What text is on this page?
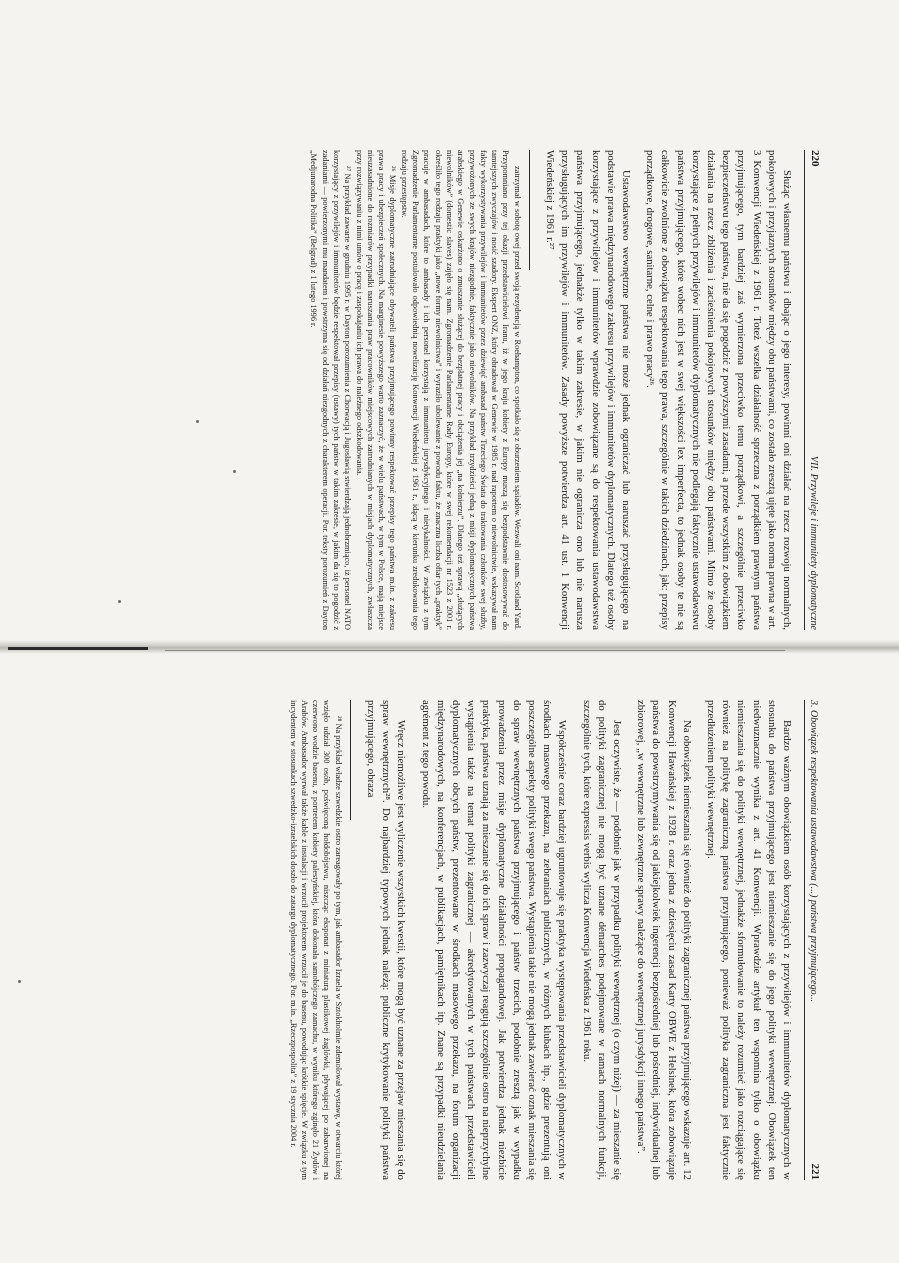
220
VII. Przywileje i immunitety dyplomatyczne

Służąc własnemu państwu i dbając o jego interesy, powinni oni działać na rzecz rozwoju normalnych, pokojowych i przyjaznych stosunków między obu państwami, co zostało zresztą ujęte jako norma prawna w art. 3 Konwencji Wiedeńskiej z 1961 r. Toteż wszelka działalność sprzeczna z porządkiem prawnym państwa przyjmującego, tym bardziej zaś wymierzona przeciwko temu porządkowi, a szczególnie przeciwko bezpieczeństwu tego państwa, nie da się pogodzić z powyższymi zasadami, a przede wszystkim z obowiązkiem działania na rzecz zbliżenia i zacieśnienia pokojowych stosunków między obu państwami. Mimo że osoby korzystające z pełnych przywilejów i immunitetów dyplomatycznych nie podlegają faktycznie ustawodawstwu państwa przyjmującego, które wobec nich jest w swej większości lex imperfecta, to jednak osoby te nie są całkowicie zwolnione z obowiązku respektowania tego prawa, szczególnie w takich dziedzinach, jak: przepisy porządkowe, drogowe, sanitarne, celne i prawo pracy²⁶.

Ustawodawstwo wewnętrzne państwa nie może jednak ograniczać lub naruszać przysługującego na podstawie prawa międzynarodowego zakresu przywilejów i immunitetów dyplomatycznych. Dlatego też osoby korzystające z przywilejów i immunitetów wprawdzie zobowiązane są do respektowania ustawodawstwa państwa przyjmującego, jednakże tylko w takim zakresie, w jakim nie ogranicza ono lub nie narusza przysługujących im przywilejów i immunitetów. Zasady powyższe potwierdza art. 41 ust. 1 Konwencji Wiedeńskiej z 1961 r.²⁷

zatrzymał w sobotę owej przed swoją rezydencją w Roehampton, co spotkało się z oburzeniem sąsiadów. Wezwali oni nam. Scotland Yard. Przypomniano przy tej okazji przedstawicielowi Iranu, iż w jego kraju kobiety z Europy muszą się bezpodstawnie dostosowywać do tamtejszych zwyczajów i nosić szadory. Ekspert ONZ, który obradował w Genewie w 1985 r. nad raportem o niewolnictwie, wskazywał nam fakty wykorzystywania przywilejów i immunitetów przez dziewięć ambasad państw Trzeciego Świata do traktowania członków swej służby, przywożonych ze swych krajów niezgodnie, faktycznie jako niewolników. Na przykład trzydzieści jedną z misji dyplomatycznych państwa arabskiego w Genewie oskarżono o zmuszanie służącej do bezpłatnej pracy i obciążenia jej „na kołnierzu”. Dlatego też sprawą „służących niewolników” (domestic slaves) zajęło się nam. Zgromadzenie Parlamentarne Rady Europy, które w swej rekomendacji nr 1523 z 2001 r. określiło tego rodzaju praktyki jako „nowe formy niewolnictwa” i wyraziło ubolewanie z powodu faktu, że znaczna liczba ofiar tych „praktyk” pracuje w ambasadach, które to ambasady i ich personel korzystają z immunitetu jurysdykcyjnego i nietykalności. W związku z tym Zgromadzenie Parlamentarne postulowało odpowiednią nowelizację Konwencji Wiedeńskiej z 1961 r., idącą w kierunku zredukowania tego rodzaju przestępstw.

²⁶ Misje dyplomatyczne zatrudniające obywateli państwa przyjmującego powinny respektować przepisy tego państwa m.in. z zakresu prawa pracy i ubezpieczeń społecznych. Na marginesie powyższego warto zaznaczyć, że w wielu państwach, w tym w Polsce, mają miejsce nieuzasadnione do rozmiarów przypadki naruszania praw pracowników miejscowych zatrudnianych w misjach dyplomatycznych, zwłaszcza przy rozwiązywaniu z nimi umów o pracę i zaspokajaniu ich prawa do należnego odszkodowania.

²⁷ Na przykład zawarte w grudniu 1995 r. w Dayton porozumienia z Chorwacją i Jugosławią stwierdzają jednobrzmiąco, iż personel NATO korzystający z przywilejów i immunitetów będzie respektował przepisy (ustawy) tych państw w takim zakresie, w jakim da się to pogodzić z zadaniami — powierzonymi mu mandatem i powstrzyma się od działań niezgodnych z charakterem operacji. Por. teksty porozumień z Dayton „Medjunarodna Politika” (Belgrad) z 1 lutego 1996 r.

3. Obowiązek respektowania ustawodawstwa (...) państwa przyjmującego...
221

Bardzo ważnym obowiązkiem osób korzystających z przywilejów i immunitetów dyplomatycznych w stosunku do państwa przyjmującego jest niemieszanie się do jego polityki wewnętrznej. Obowiązek ten niedwuznacznie wynika z art. 41 Konwencji. Wprawdzie artykuł ten wspomina tylko o obowiązku niemieszania się do polityki wewnętrznej, jednakże sformułowanie to należy rozumieć jako rozciągające się również na politykę zagraniczną państwa przyjmującego, ponieważ polityka zagraniczna jest faktycznie przedłużeniem polityki wewnętrznej.

Na obowiązek niemieszania się również do polityki zagranicznej państwa przyjmującego wskazuje art. 12 Konwencji Hawańskiej z 1928 r. oraz jedna z dziesięciu zasad Karty OBWE z Helsinek, która zobowiązuje państwa do powstrzymywania się od jakiejkolwiek ingerencji bezpośredniej lub pośredniej, indywidualnej lub zbiorowej, „w wewnętrzne lub zewnętrzne sprawy należące do wewnętrznej jurysdykcji innego państwa”.

Jest oczywiste, że — podobnie jak w przypadku polityki wewnętrznej (o czym niżej) — za mieszanie się do polityki zagranicznej nie mogą być uznane démarches podejmowane w ramach normalnych funkcji, szczególnie tych, które expressis verbis wylicza Konwencja Wiedeńska z 1961 roku.

Współcześnie coraz bardziej ugruntowuje się praktyka występowania przedstawicieli dyplomatycznych w środkach masowego przekazu, na zebraniach publicznych, w różnych klubach itp., gdzie prezentują oni poszczególne aspekty polityki swego państwa. Wystąpienia takie nie mogą jednak zawierać oznak mieszania się do spraw wewnętrznych państwa przyjmującego i państw trzecich, podobnie zresztą jak w wypadku prowadzenia przez misje dyplomatyczne działalności propagandowej. Jak potwierdza jednak niezbicie praktyka, państwa uznają za mieszanie się do ich spraw i zazwyczaj reagują szczególnie ostro na nieprzychylne wystąpienia także na temat polityki zagranicznej — akredytowanych w tych państwach przedstawicieli dyplomatycznych obcych państw, prezentowane w środkach masowego przekazu, na forum organizacji międzynarodowych, na konferencjach, w publikacjach, pamiętnikach itp. Znane są przypadki nieudzielania agrément z tego powodu.

Wręcz niemożliwe jest wyliczenie wszystkich kwestii, które mogą być uznane za przejaw mieszania się do spraw wewnętrznych²⁸. Do najbardziej typowych jednak należą: publiczne krytykowanie polityki państwa przyjmującego, obraza

²⁸ Na przykład władze szwedzkie ostro zareagowały po tym, jak ambasador Izraela w Sztokholmie zdemolował wystawę, w otwarciu której wzięło udział 300 osób, poświęconą hołdobójstwu, niszcząc eksponat z miniaturą plastikowej żaglówki, pływającej po zabarwionej na czerwono wodzie basenu, z portretem kobiety palestyńskiej, która dokonała samobójczego zamachu, w wyniku którego zginęło 21 Żydów i Arabów. Ambasador wyrwał także kable z instalacji i wrzucił projektorem wrzucił je do basenu, powodując krótkie spięcie. W związku z tym incydentem w stosunkach szwedzko-izraelskich doszło do zatargu dyplomatycznego. Por. m.in. „Rzeczpospolita” z 19 stycznia 2004 r.
